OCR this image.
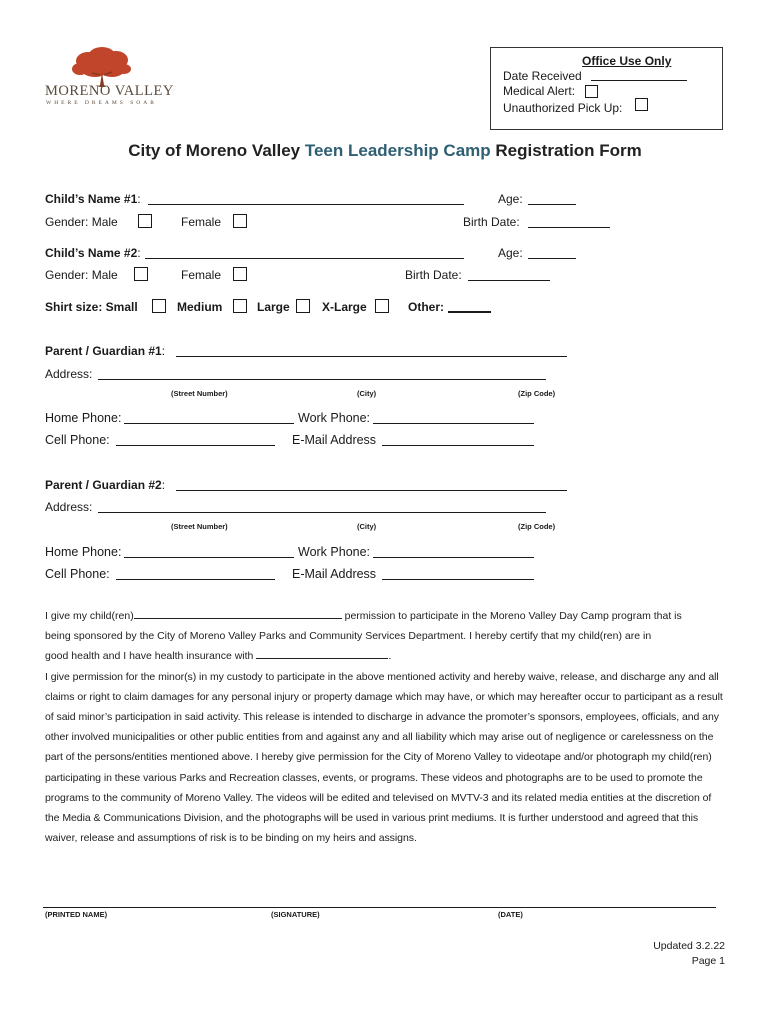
MORENO VALLEY
WHERE DREAMS SOAR
Office Use Only
Date Received
Medical Alert:
Unauthorized Pick Up:
City of Moreno Valley Teen Leadership Camp Registration Form
Child’s Name #1:	Age:
Gender: Male	Female	Birth Date:
Child’s Name #2:	Age:
Gender: Male	Female	Birth Date:
Shirt size: Small	Medium	Large	X-Large	Other:
Parent / Guardian #1:
Address:
(Street Number)	(City)	(Zip Code)
Home Phone:	Work Phone:
Cell Phone:	E-Mail Address
Parent / Guardian #2:
Address:
(Street Number)	(City)	(Zip Code)
Home Phone:	Work Phone:
Cell Phone:	E-Mail Address

I give my child(ren)	permission to participate in the Moreno Valley Day Camp program that is

being sponsored by the City of Moreno Valley Parks and Community Services Department. I hereby certify that my child(ren) are in

good health and I have health insurance with	.

I give permission for the minor(s) in my custody to participate in the above mentioned activity and hereby waive, release, and discharge any and all claims or right to claim damages for any personal injury or property damage which may have, or which may hereafter occur to participant as a result of said minor’s participation in said activity. This release is intended to discharge in advance the promoter’s sponsors, employees, officials, and any other involved municipalities or other public entities from and against any and all liability which may arise out of negligence or carelessness on the part of the persons/entities mentioned above. I hereby give permission for the City of Moreno Valley to videotape and/or photograph my child(ren) participating in these various Parks and Recreation classes, events, or programs. These videos and photographs are to be used to promote the programs to the community of Moreno Valley. The videos will be edited and televised on MVTV-3 and its related media entities at the discretion of the Media & Communications Division, and the photographs will be used in various print mediums. It is further understood and agreed that this waiver, release and assumptions of risk is to be binding on my heirs and assigns.

(PRINTED NAME)	(SIGNATURE)	(DATE)
Updated 3.2.22
Page 1
